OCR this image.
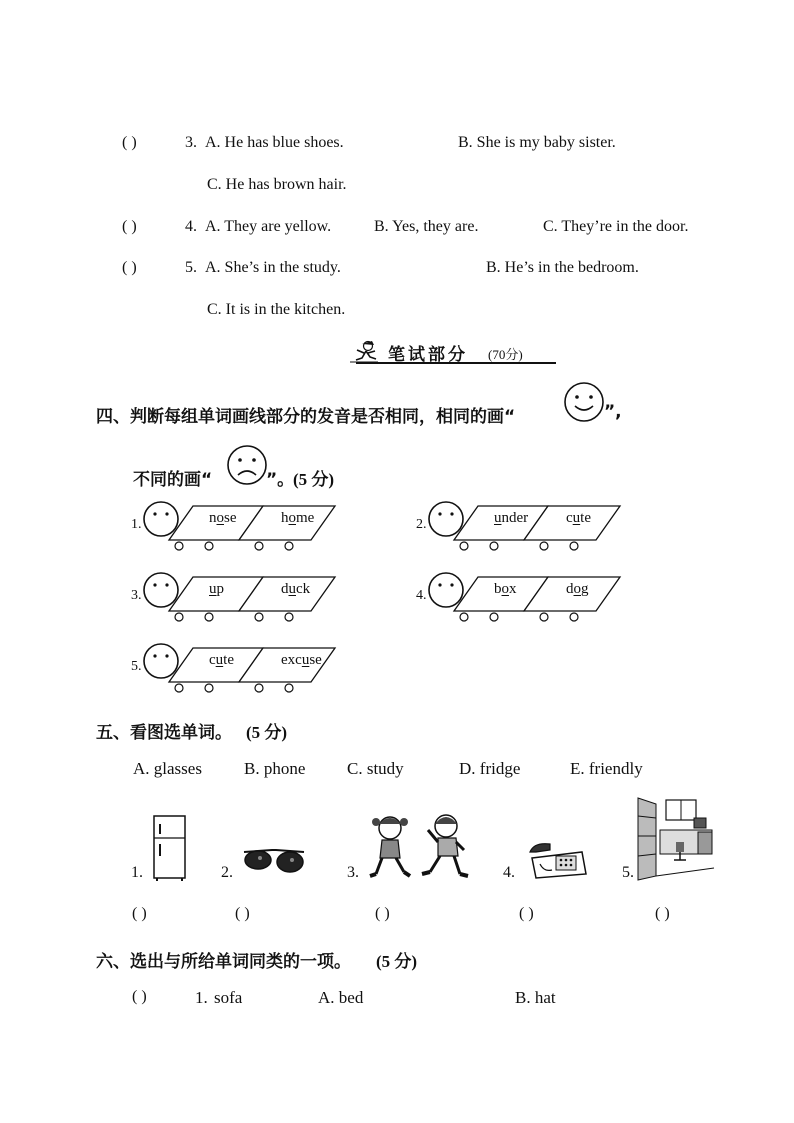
( )	3. A. He has blue shoes.	B. She is my baby sister.
C. He has brown hair.
( )	4. A. They are yellow.	B. Yes, they are.	C. They’re in the door.
( )	5. A. She’s in the study.	B. He’s in the bedroom.
C. It is in the kitchen.
笔试部分 (70分)
四、判断每组单词画线部分的发音是否相同，相同的画“	”,
不同的画“	”。
(5 分)
1.	nose	home	2.	under	cute
3.	up	duck	4.	box	dog
5.	cute	excuse
五、看图选单词。 (5 分)
A. glasses B. phone C. study	D. fridge	E. friendly
1.	2.	3.	4.	5.
( )	( )	( )	( )	( )
六、选出与所给单词同类的一项。 (5 分)
( )	1. sofa	A. bed	B. hat
